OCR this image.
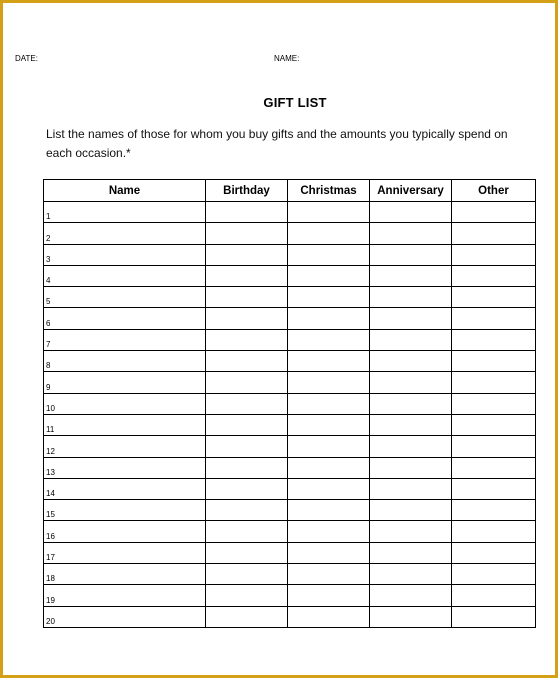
DATE:	NAME:
GIFT LIST
List the names of those for whom you buy gifts and the amounts you typically spend on each occasion.*
Name	Birthday	Christmas	Anniversary	Other
1				
2				
3				
4				
5				
6				
7				
8				
9				
10				
11				
12				
13				
14				
15				
16				
17				
18				
19				
20				
